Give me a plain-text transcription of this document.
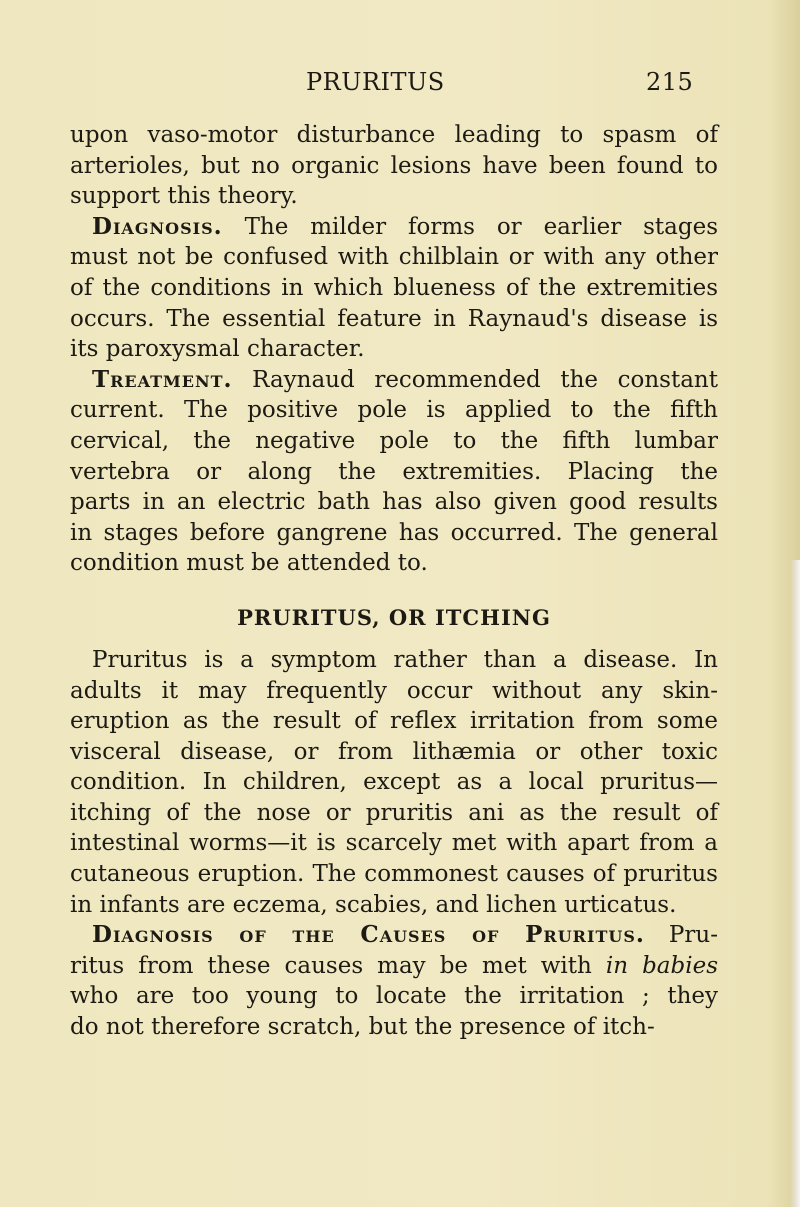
PRURITUS	215
upon vaso-motor disturbance leading to spasm of
arterioles, but no organic lesions have been found to
support this theory.
Diagnosis. The milder forms or earlier stages
must not be confused with chilblain or with any other
of the conditions in which blueness of the extremities
occurs. The essential feature in Raynaud's disease is
its paroxysmal character.
Treatment. Raynaud recommended the constant
current. The positive pole is applied to the fifth
cervical, the negative pole to the fifth lumbar
vertebra or along the extremities. Placing the
parts in an electric bath has also given good results
in stages before gangrene has occurred. The general
condition must be attended to.
PRURITUS, OR ITCHING
Pruritus is a symptom rather than a disease. In
adults it may frequently occur without any skin-
eruption as the result of reflex irritation from some
visceral disease, or from lithæmia or other toxic
condition. In children, except as a local pruritus—
itching of the nose or pruritis ani as the result of
intestinal worms—it is scarcely met with apart from a
cutaneous eruption. The commonest causes of pruritus
in infants are eczema, scabies, and lichen urticatus.
Diagnosis of the Causes of Pruritus. Pru-
ritus from these causes may be met with in babies
who are too young to locate the irritation ; they
do not therefore scratch, but the presence of itch-
